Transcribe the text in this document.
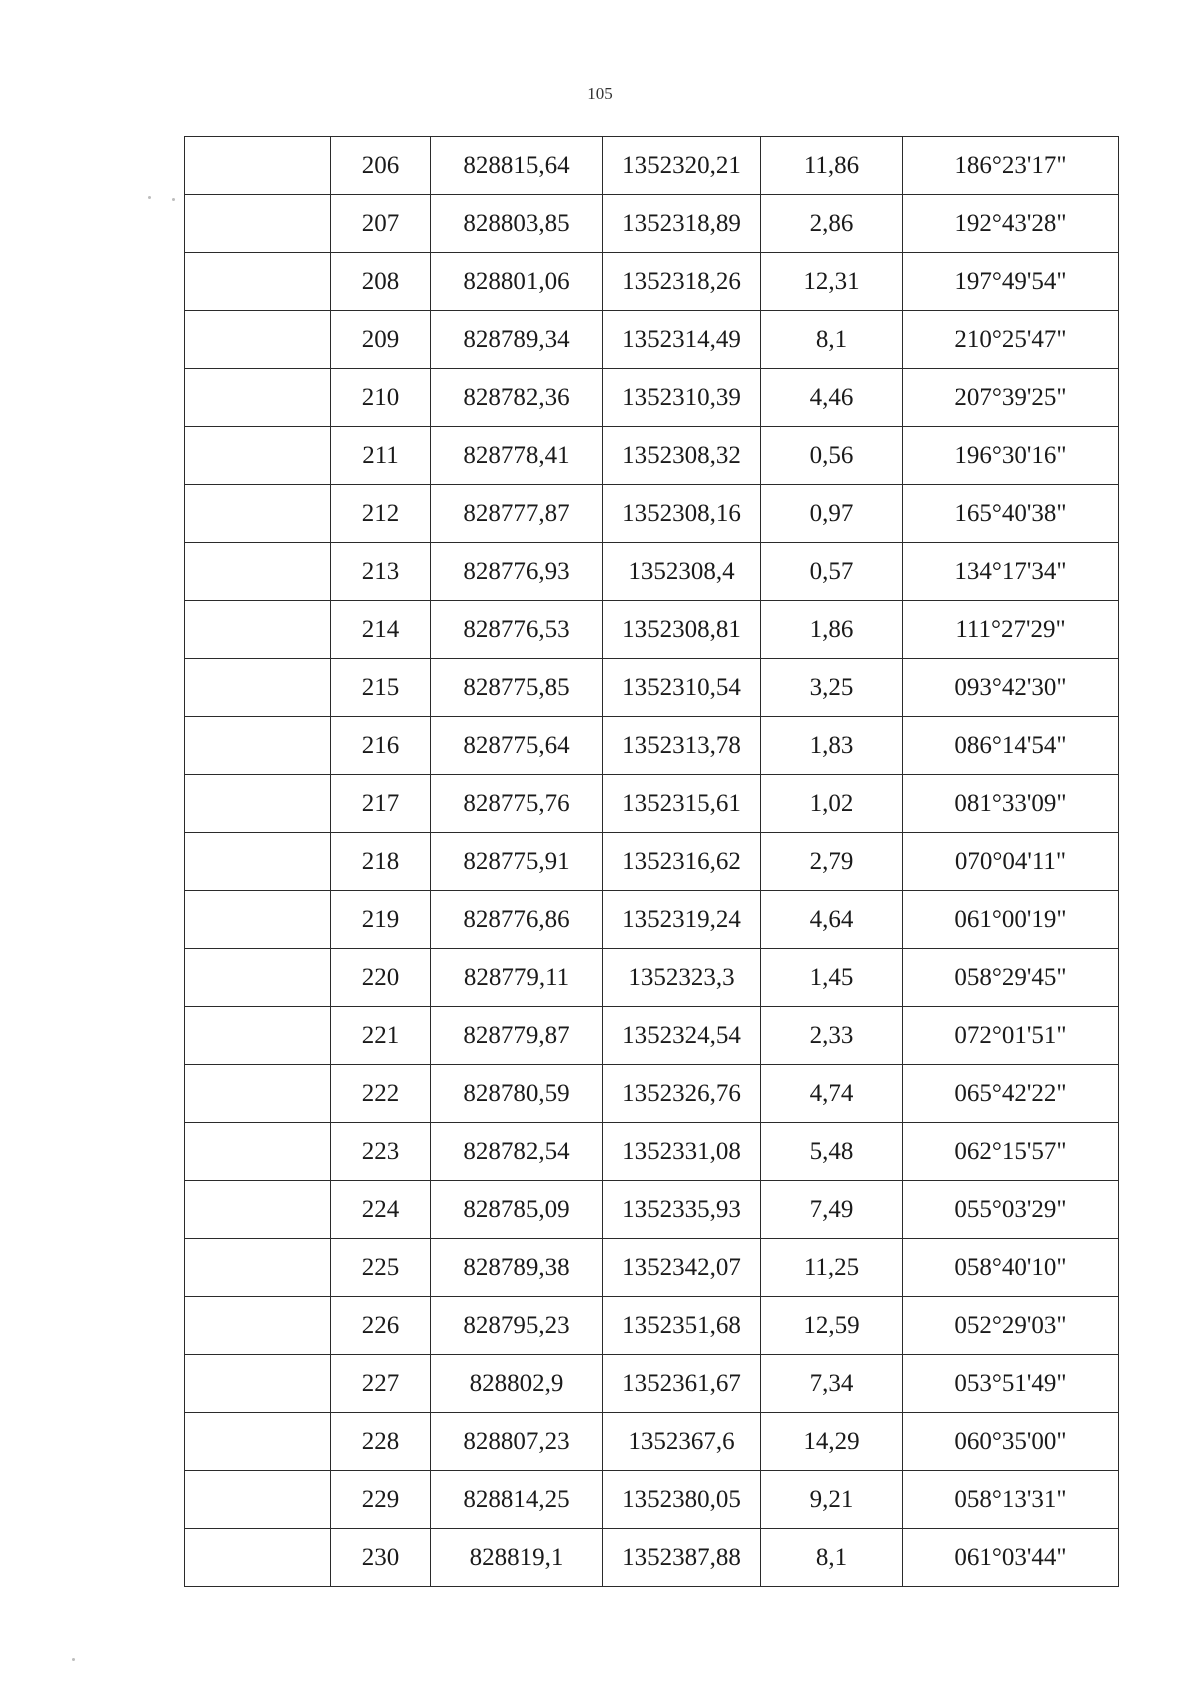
105
	206	828815,64	1352320,21	11,86	186°23'17"
	207	828803,85	1352318,89	2,86	192°43'28"
	208	828801,06	1352318,26	12,31	197°49'54"
	209	828789,34	1352314,49	8,1	210°25'47"
	210	828782,36	1352310,39	4,46	207°39'25"
	211	828778,41	1352308,32	0,56	196°30'16"
	212	828777,87	1352308,16	0,97	165°40'38"
	213	828776,93	1352308,4	0,57	134°17'34"
	214	828776,53	1352308,81	1,86	111°27'29"
	215	828775,85	1352310,54	3,25	093°42'30"
	216	828775,64	1352313,78	1,83	086°14'54"
	217	828775,76	1352315,61	1,02	081°33'09"
	218	828775,91	1352316,62	2,79	070°04'11"
	219	828776,86	1352319,24	4,64	061°00'19"
	220	828779,11	1352323,3	1,45	058°29'45"
	221	828779,87	1352324,54	2,33	072°01'51"
	222	828780,59	1352326,76	4,74	065°42'22"
	223	828782,54	1352331,08	5,48	062°15'57"
	224	828785,09	1352335,93	7,49	055°03'29"
	225	828789,38	1352342,07	11,25	058°40'10"
	226	828795,23	1352351,68	12,59	052°29'03"
	227	828802,9	1352361,67	7,34	053°51'49"
	228	828807,23	1352367,6	14,29	060°35'00"
	229	828814,25	1352380,05	9,21	058°13'31"
	230	828819,1	1352387,88	8,1	061°03'44"
